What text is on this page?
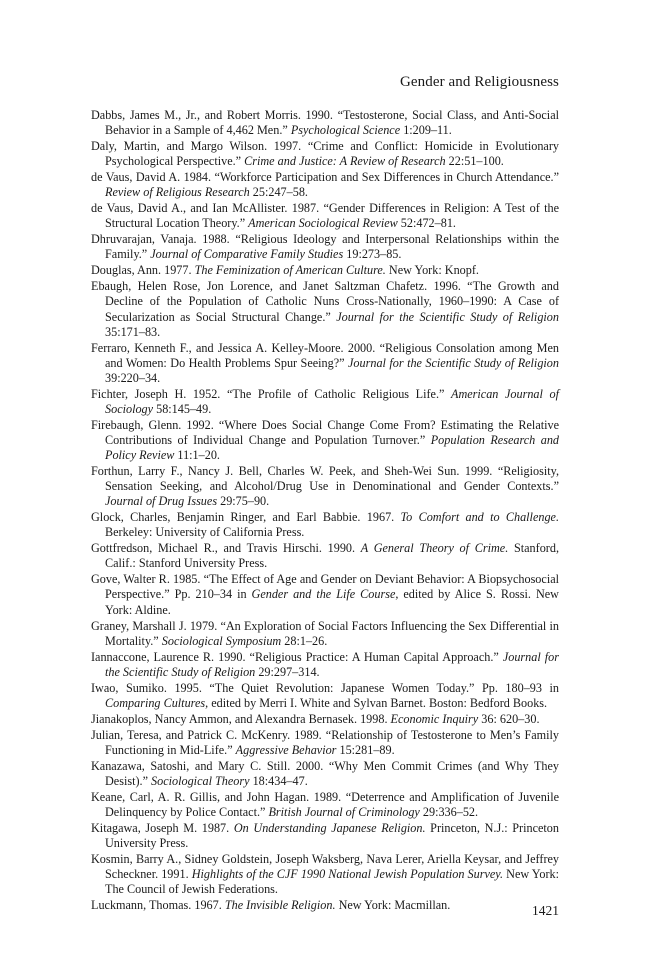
Gender and Religiousness
Dabbs, James M., Jr., and Robert Morris. 1990. “Testosterone, Social Class, and Anti-Social Behavior in a Sample of 4,462 Men.” Psychological Science 1:209–11.
Daly, Martin, and Margo Wilson. 1997. “Crime and Conflict: Homicide in Evolutionary Psychological Perspective.” Crime and Justice: A Review of Research 22:51–100.
de Vaus, David A. 1984. “Workforce Participation and Sex Differences in Church Attendance.” Review of Religious Research 25:247–58.
de Vaus, David A., and Ian McAllister. 1987. “Gender Differences in Religion: A Test of the Structural Location Theory.” American Sociological Review 52:472–81.
Dhruvarajan, Vanaja. 1988. “Religious Ideology and Interpersonal Relationships within the Family.” Journal of Comparative Family Studies 19:273–85.
Douglas, Ann. 1977. The Feminization of American Culture. New York: Knopf.
Ebaugh, Helen Rose, Jon Lorence, and Janet Saltzman Chafetz. 1996. “The Growth and Decline of the Population of Catholic Nuns Cross-Nationally, 1960–1990: A Case of Secularization as Social Structural Change.” Journal for the Scientific Study of Religion 35:171–83.
Ferraro, Kenneth F., and Jessica A. Kelley-Moore. 2000. “Religious Consolation among Men and Women: Do Health Problems Spur Seeing?” Journal for the Scientific Study of Religion 39:220–34.
Fichter, Joseph H. 1952. “The Profile of Catholic Religious Life.” American Journal of Sociology 58:145–49.
Firebaugh, Glenn. 1992. “Where Does Social Change Come From? Estimating the Relative Contributions of Individual Change and Population Turnover.” Population Research and Policy Review 11:1–20.
Forthun, Larry F., Nancy J. Bell, Charles W. Peek, and Sheh-Wei Sun. 1999. “Religiosity, Sensation Seeking, and Alcohol/Drug Use in Denominational and Gender Contexts.” Journal of Drug Issues 29:75–90.
Glock, Charles, Benjamin Ringer, and Earl Babbie. 1967. To Comfort and to Challenge. Berkeley: University of California Press.
Gottfredson, Michael R., and Travis Hirschi. 1990. A General Theory of Crime. Stanford, Calif.: Stanford University Press.
Gove, Walter R. 1985. “The Effect of Age and Gender on Deviant Behavior: A Biopsychosocial Perspective.” Pp. 210–34 in Gender and the Life Course, edited by Alice S. Rossi. New York: Aldine.
Graney, Marshall J. 1979. “An Exploration of Social Factors Influencing the Sex Differential in Mortality.” Sociological Symposium 28:1–26.
Iannaccone, Laurence R. 1990. “Religious Practice: A Human Capital Approach.” Journal for the Scientific Study of Religion 29:297–314.
Iwao, Sumiko. 1995. “The Quiet Revolution: Japanese Women Today.” Pp. 180–93 in Comparing Cultures, edited by Merri I. White and Sylvan Barnet. Boston: Bedford Books.
Jianakoplos, Nancy Ammon, and Alexandra Bernasek. 1998. Economic Inquiry 36: 620–30.
Julian, Teresa, and Patrick C. McKenry. 1989. “Relationship of Testosterone to Men’s Family Functioning in Mid-Life.” Aggressive Behavior 15:281–89.
Kanazawa, Satoshi, and Mary C. Still. 2000. “Why Men Commit Crimes (and Why They Desist).” Sociological Theory 18:434–47.
Keane, Carl, A. R. Gillis, and John Hagan. 1989. “Deterrence and Amplification of Juvenile Delinquency by Police Contact.” British Journal of Criminology 29:336–52.
Kitagawa, Joseph M. 1987. On Understanding Japanese Religion. Princeton, N.J.: Princeton University Press.
Kosmin, Barry A., Sidney Goldstein, Joseph Waksberg, Nava Lerer, Ariella Keysar, and Jeffrey Scheckner. 1991. Highlights of the CJF 1990 National Jewish Population Survey. New York: The Council of Jewish Federations.
Luckmann, Thomas. 1967. The Invisible Religion. New York: Macmillan.	1421
